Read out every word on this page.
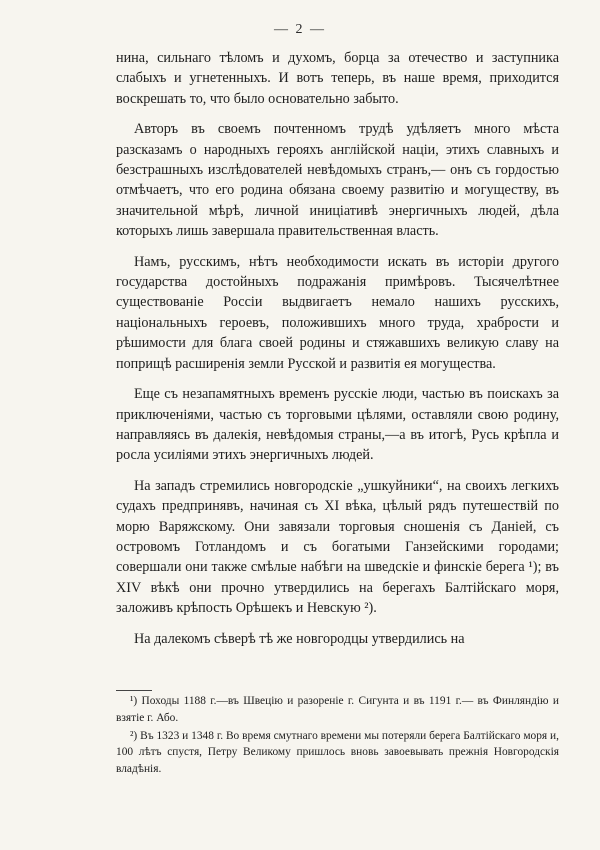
— 2 —

нина, сильнаго тѣломъ и духомъ, борца за отечество и заступника слабыхъ и угнетенныхъ. И вотъ теперь, въ наше время, приходится воскрешать то, что было основательно забыто.

Авторъ въ своемъ почтенномъ трудѣ удѣляетъ много мѣста разсказамъ о народныхъ герояхъ англійской націи, этихъ славныхъ и безстрашныхъ изслѣдователей невѣдомыхъ странъ,— онъ съ гордостью отмѣчаетъ, что его родина обязана своему развитію и могуществу, въ значительной мѣрѣ, личной иниціативѣ энергичныхъ людей, дѣла которыхъ лишь завершала правительственная власть.

Намъ, русскимъ, нѣтъ необходимости искать въ исторіи другого государства достойныхъ подражанія примѣровъ. Тысячелѣтнее существованіе Россіи выдвигаетъ немало нашихъ русскихъ, національныхъ героевъ, положившихъ много труда, храбрости и рѣшимости для блага своей родины и стяжавшихъ великую славу на поприщѣ расширенія земли Русской и развитія ея могущества.

Еще съ незапамятныхъ временъ русскіе люди, частью въ поискахъ за приключеніями, частью съ торговыми цѣлями, оставляли свою родину, направляясь въ далекія, невѣдомыя страны,—а въ итогѣ, Русь крѣпла и росла усиліями этихъ энергичныхъ людей.

На западъ стремились новгородскіе „ушкуйники“, на своихъ легкихъ судахъ предпринявъ, начиная съ XI вѣка, цѣлый рядъ путешествій по морю Варяжскому. Они завязали торговыя сношенія съ Даніей, съ островомъ Готландомъ и съ богатыми Ганзейскими городами; совершали они также смѣлые набѣги на шведскіе и финскіе берега ¹); въ XIV вѣкѣ они прочно утвердились на берегахъ Балтійскаго моря, заложивъ крѣпость Орѣшекъ и Невскую ²).

На далекомъ сѣверѣ тѣ же новгородцы утвердились на

¹) Походы 1188 г.—въ Швецію и разореніе г. Сигунта и въ 1191 г.— въ Финляндію и взятіе г. Або.

²) Въ 1323 и 1348 г. Во время смутнаго времени мы потеряли берега Балтійскаго моря и, 100 лѣтъ спустя, Петру Великому пришлось вновь завоевывать прежнія Новгородскія владѣнія.
